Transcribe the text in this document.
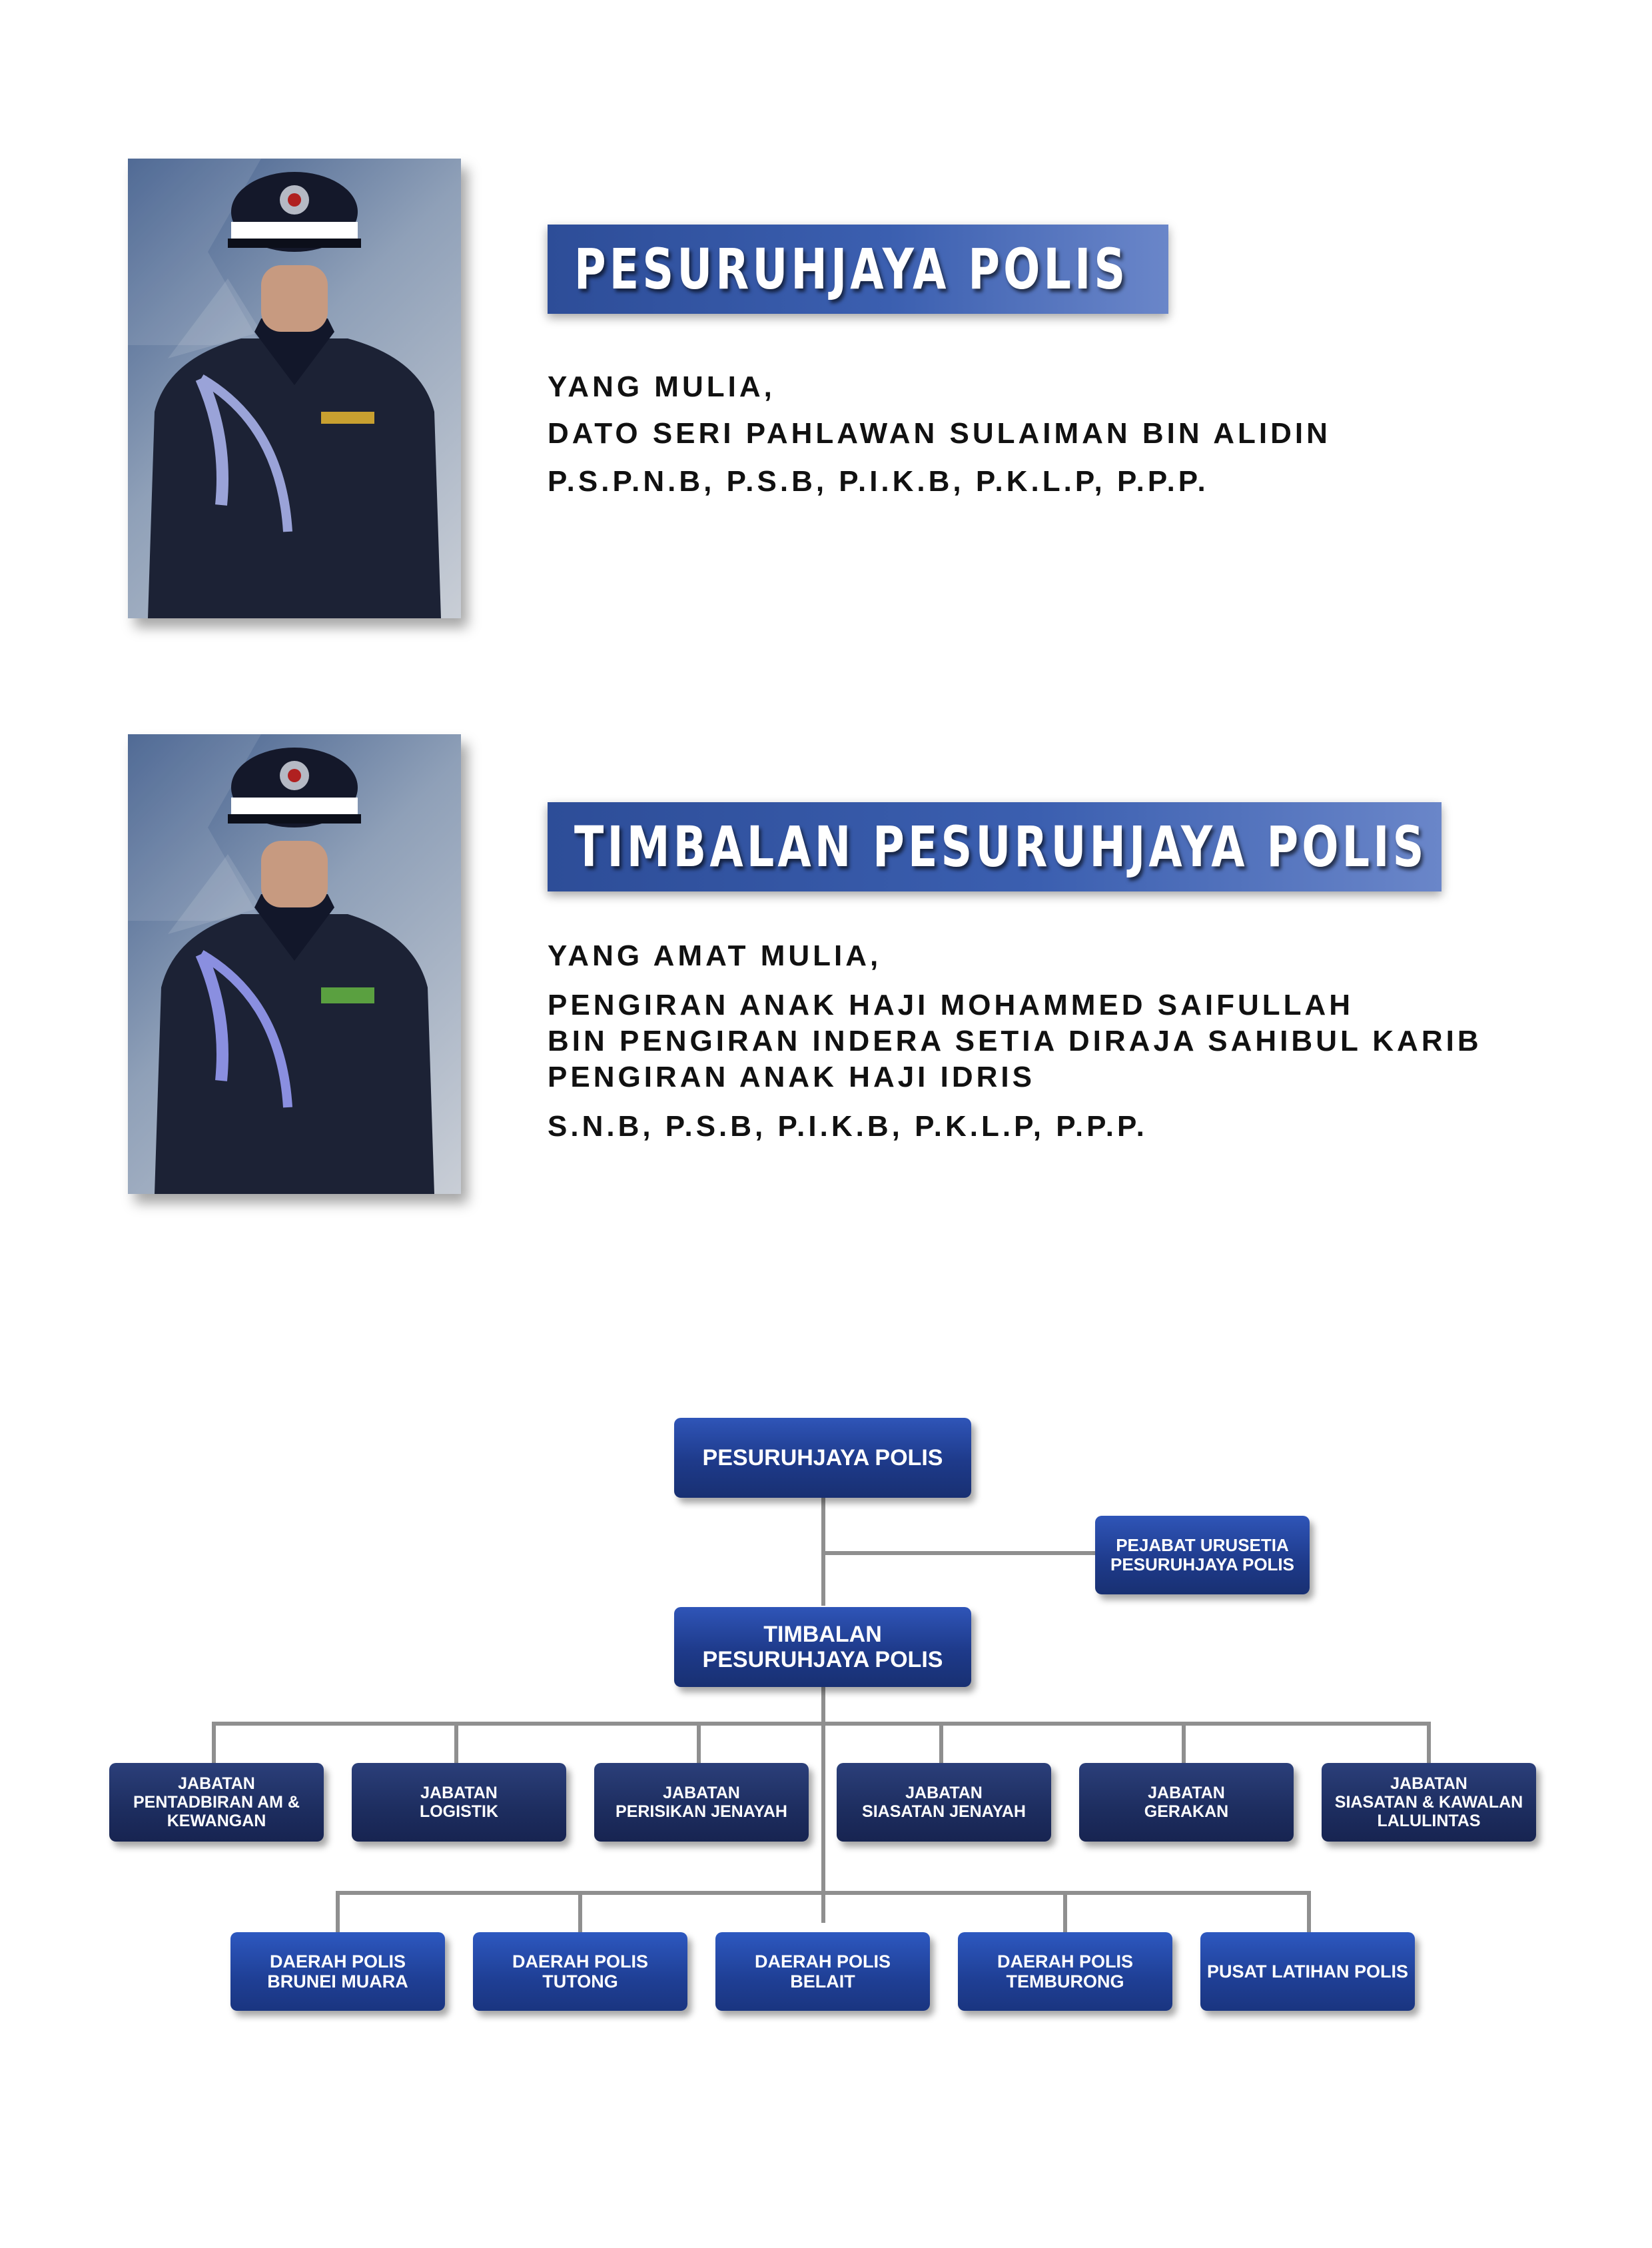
PESURUHJAYA POLIS
YANG MULIA,
DATO SERI PAHLAWAN SULAIMAN BIN ALIDIN
P.S.P.N.B, P.S.B, P.I.K.B, P.K.L.P, P.P.P.
TIMBALAN PESURUHJAYA POLIS
YANG AMAT MULIA,
PENGIRAN ANAK HAJI MOHAMMED SAIFULLAH
BIN PENGIRAN INDERA SETIA DIRAJA SAHIBUL KARIB
PENGIRAN ANAK HAJI IDRIS
S.N.B, P.S.B, P.I.K.B, P.K.L.P, P.P.P.
PESURUHJAYA POLIS
PEJABAT URUSETIA
PESURUHJAYA POLIS
TIMBALAN
PESURUHJAYA POLIS
JABATAN
PENTADBIRAN AM &
KEWANGAN
JABATAN
LOGISTIK
JABATAN
PERISIKAN JENAYAH
JABATAN
SIASATAN JENAYAH
JABATAN
GERAKAN
JABATAN
SIASATAN & KAWALAN
LALULINTAS
DAERAH POLIS
BRUNEI MUARA
DAERAH POLIS
TUTONG
DAERAH POLIS
BELAIT
DAERAH POLIS
TEMBURONG
PUSAT LATIHAN POLIS
